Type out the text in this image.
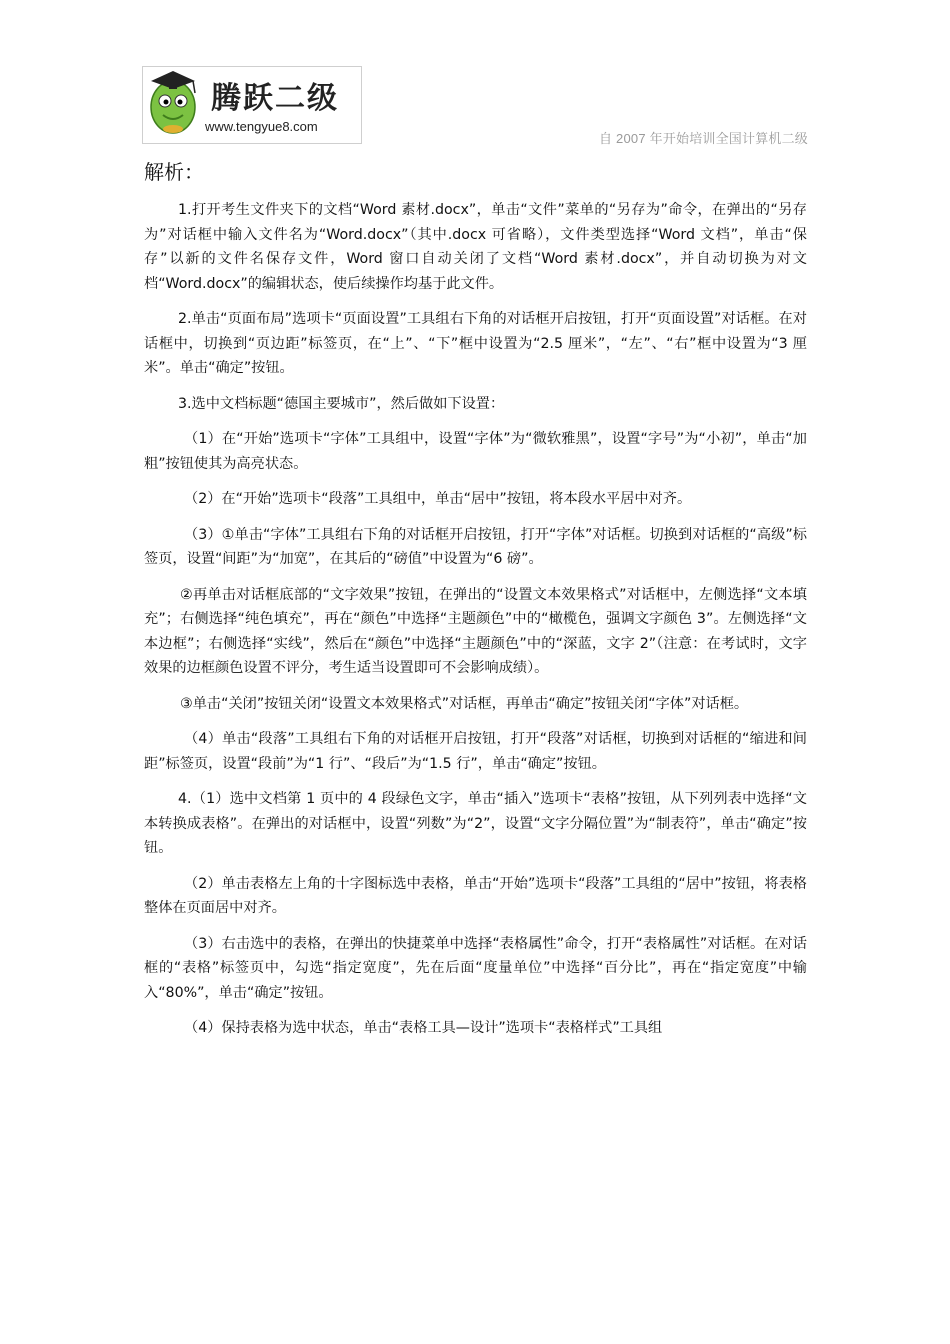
腾跃二级
www.tengyue8.com
自 2007 年开始培训全国计算机二级
解析：

1.打开考生文件夹下的文档“Word 素材.docx”，单击“文件”菜单的“另存为”命令，在弹出的“另存为”对话框中输入文件名为“Word.docx”（其中.docx 可省略），文件类型选择“Word 文档”，单击“保存”以新的文件名保存文件，Word 窗口自动关闭了文档“Word 素材.docx”，并自动切换为对文档“Word.docx”的编辑状态，使后续操作均基于此文件。

2.单击“页面布局”选项卡“页面设置”工具组右下角的对话框开启按钮，打开“页面设置”对话框。在对话框中，切换到“页边距”标签页，在“上”、“下”框中设置为“2.5 厘米”，“左”、“右”框中设置为“3 厘米”。单击“确定”按钮。

3.选中文档标题“德国主要城市”，然后做如下设置：

（1）在“开始”选项卡“字体”工具组中，设置“字体”为“微软雅黑”，设置“字号”为“小初”，单击“加粗”按钮使其为高亮状态。

（2）在“开始”选项卡“段落”工具组中，单击“居中”按钮，将本段水平居中对齐。

（3）①单击“字体”工具组右下角的对话框开启按钮，打开“字体”对话框。切换到对话框的“高级”标签页，设置“间距”为“加宽”，在其后的“磅值”中设置为“6 磅”。

②再单击对话框底部的“文字效果”按钮，在弹出的“设置文本效果格式”对话框中，左侧选择“文本填充”；右侧选择“纯色填充”，再在“颜色”中选择“主题颜色”中的“橄榄色，强调文字颜色 3”。左侧选择“文本边框”；右侧选择“实线”，然后在“颜色”中选择“主题颜色”中的“深蓝，文字 2”（注意：在考试时，文字效果的边框颜色设置不评分，考生适当设置即可不会影响成绩）。

③单击“关闭”按钮关闭“设置文本效果格式”对话框，再单击“确定”按钮关闭“字体”对话框。

（4）单击“段落”工具组右下角的对话框开启按钮，打开“段落”对话框，切换到对话框的“缩进和间距”标签页，设置“段前”为“1 行”、“段后”为“1.5 行”，单击“确定”按钮。

4.（1）选中文档第 1 页中的 4 段绿色文字，单击“插入”选项卡“表格”按钮，从下列列表中选择“文本转换成表格”。在弹出的对话框中，设置“列数”为“2”，设置“文字分隔位置”为“制表符”，单击“确定”按钮。

（2）单击表格左上角的十字图标选中表格，单击“开始”选项卡“段落”工具组的“居中”按钮，将表格整体在页面居中对齐。

（3）右击选中的表格，在弹出的快捷菜单中选择“表格属性”命令，打开“表格属性”对话框。在对话框的“表格”标签页中，勾选“指定宽度”，先在后面“度量单位”中选择“百分比”，再在“指定宽度”中输入“80%”，单击“确定”按钮。

（4）保持表格为选中状态，单击“表格工具—设计”选项卡“表格样式”工具组
